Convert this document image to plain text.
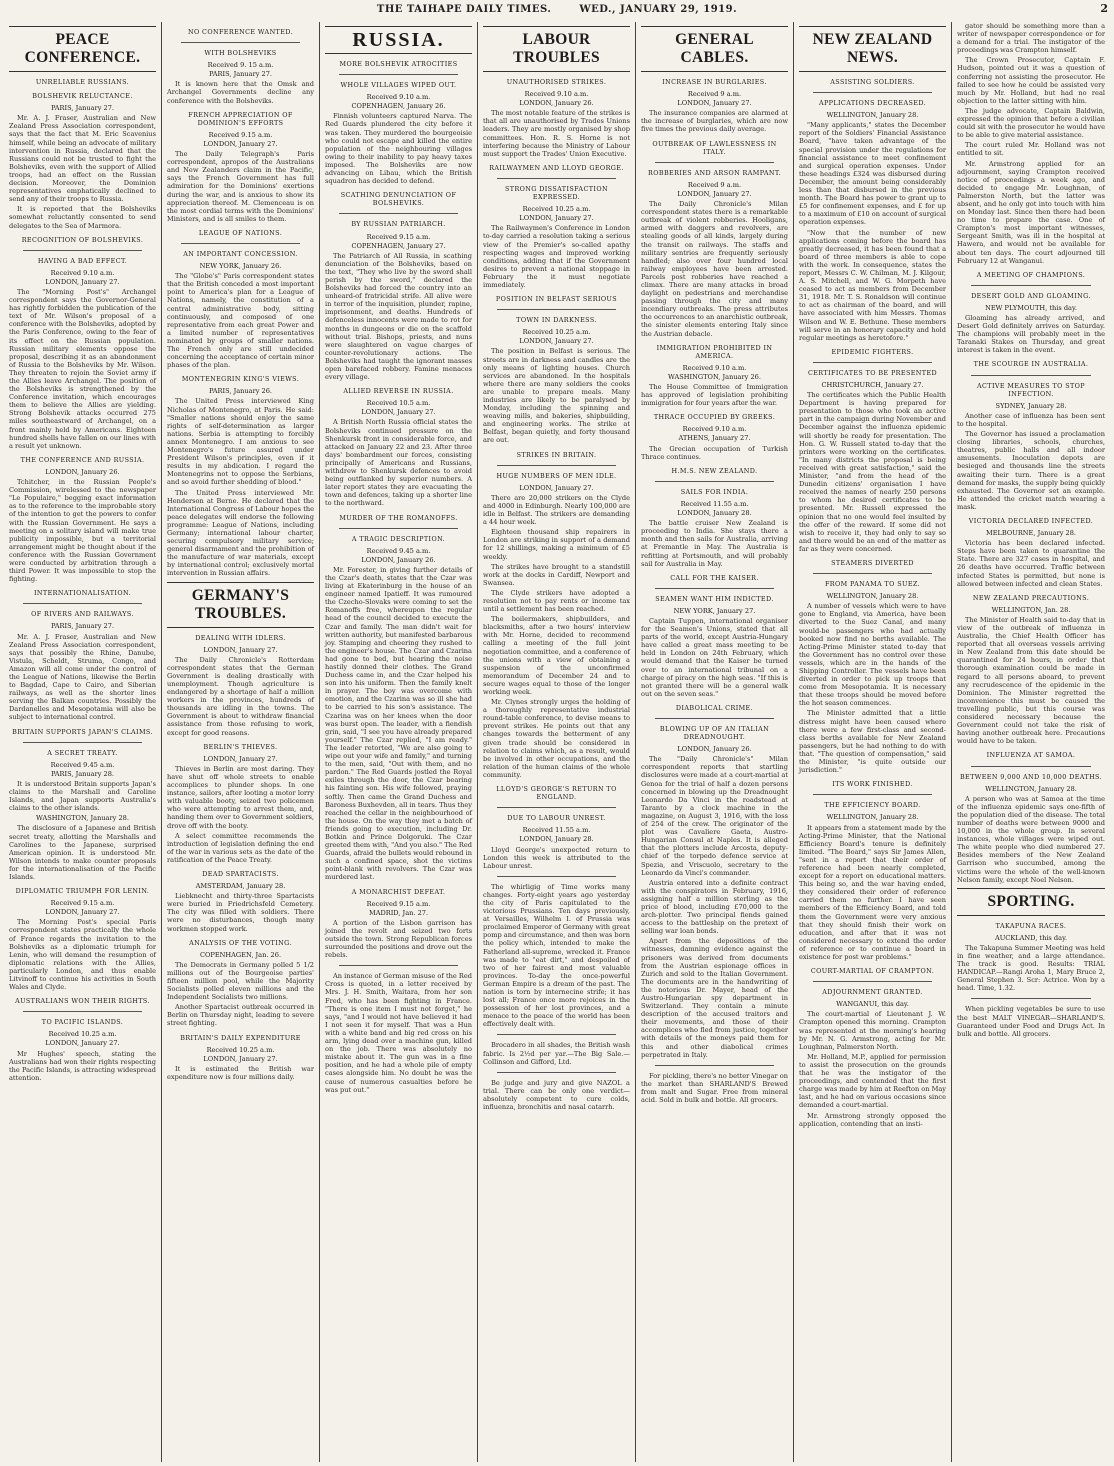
THE TAIHAPE DAILY TIMES.	WED., JANUARY 29, 1919.	2
PEACE CONFERENCE.
UNRELIABLE RUSSIANS.
BOLSHEVIK RELUCTANCE.
PARIS, January 27.
Mr. A. J. Fraser, Australian and New Zealand Press Association correspondent, says that the fact that M. Eric Scavenius himself, while being an advocate of military intervention in Russia, declared that the Russians could not be trusted to fight the Bolsheviks, even with the support of Allied troops, had an effect on the Russian decision. Moreover, the Dominion representatives emphatically declined to send any of their troops to Russia.
It is reported that the Bolsheviks somewhat reluctantly consented to send delegates to the Sea of Marmora.
RECOGNITION OF BOLSHEVIKS.
HAVING A BAD EFFECT.
Received 9.10 a.m.
LONDON, January 27.
The "Morning Post's" Archangel correspondent says the Governor-General has rightly forbidden the publication of the text of Mr. Wilson's proposal of a conference with the Bolsheviks, adopted by the Paris Conference, owing to the fear of its effect on the Russian population. Russian military elements oppose the proposal, describing it as an abandonment of Russia to the Bolsheviks by Mr. Wilson. They threaten to rejoin the Soviet army if the Allies leave Archangel. The position of the Bolsheviks is strengthened by the Conference invitation, which encourages them to believe the Allies are yielding. Strong Bolshevik attacks occurred 275 miles southeastward of Archangel, on a front mainly held by Americans. Eighteen hundred shells have fallen on our lines with a result yet unknown.
THE CONFERENCE AND RUSSIA.
LONDON, January 26.
Tchitcher, in the Russian People's Commission, wirelessed to the newspaper "Le Populaire," begging exact information as to the reference to the improbable story of the intention to get the powers to confer with the Russian Government. He says a meeting on a solitary island will make true publicity impossible, but a territorial arrangement might be thought about if the conference with the Russian Government were conducted by arbitration through a third Power. It was impossible to stop the fighting.
INTERNATIONALISATION.
OF RIVERS AND RAILWAYS.
PARIS, January 27.
Mr. A. J. Fraser, Australian and New Zealand Press Association correspondent, says that possibly the Rhine, Danube, Vistula, Scheldt, Struma, Congo, and Amazon will all come under the control of the League of Nations, likewise the Berlin to Bagdad, Cape to Cairo, and Siberian railways, as well as the shorter lines serving the Balkan countries. Possibly the Dardanelles and Mesopotamia will also be subject to international control.
BRITAIN SUPPORTS JAPAN'S CLAIMS.
A SECRET TREATY.
Received 9.45 a.m.
PARIS, January 28.
It is understood Britain supports Japan's claims to the Marshall and Caroline Islands, and Japan supports Australia's claims to the other islands.
WASHINGTON, January 28.
The disclosure of a Japanese and British secret treaty, allotting the Marshalls and Carolines to the Japanese, surprised American opinion. It is understood Mr. Wilson intends to make counter proposals for the internationalisation of the Pacific Islands.
DIPLOMATIC TRIUMPH FOR LENIN.
Received 9.15 a.m.
LONDON, January 27.
The Morning Post's special Paris correspondent states practically the whole of France regards the invitation to the Bolsheviks as a diplomatic triumph for Lenin, who will demand the resumption of diplomatic relations with the Allies, particularly London, and thus enable Litvinoff to continue his activities in South Wales and Clyde.
AUSTRALIANS WON THEIR RIGHTS.
TO PACIFIC ISLANDS.
Received 10.25 a.m.
LONDON, January 27.
Mr Hughes' speech, stating the Australians had won their rights respecting the Pacific Islands, is attracting widespread attention.
NO CONFERENCE WANTED.
WITH BOLSHEVIKS
Received 9. 15 a.m.
PARIS, January 27.
It is known here that the Omsk and Archangel Governments decline any conference with the Bolsheviks.
FRENCH APPRECIATION OF DOMINION'S EFFORTS
Received 9.15 a.m.
LONDON, January 27.
The Daily Telegraph's Paris correspondent, apropos of the Australians and New Zealanders claim in the Pacific, says the French Government has full admiration for the Dominions' exertions during the war, and is anxious to show its appreciation thereof. M. Clemenceau is on the most cordial terms with the Dominions' Ministers, and is all smiles to them.
LEAGUE OF NATIONS.
AN IMPORTANT CONCESSION.
NEW YORK, January 26.
The "Globe's" Paris correspondent states that the British conceded a most important point to America's plan for a League of Nations, namely, the constitution of a central administrative body, sitting continuously, and composed of one representative from each great Power and a limited number of representatives nominated by groups of smaller nations. The French only are still undecided concerning the acceptance of certain minor phases of the plan.
MONTENEGRIN KING'S VIEWS.
PARIS, January 26.
The United Press interviewed King Nicholas of Montenegro, at Paris. He said: "Smaller nations should enjoy the same rights of self-determination as larger nations. Serbia is attempting to forcibly annex Montenegro. I am anxious to see Montenegro's future assured under President Wilson's principles, even if it results in my abdication. I regard the Montenegrins not to oppose the Serbians, and so avoid further shedding of blood."
The United Press interviewed Mr. Henderson at Berne. He declared that the International Congress of Labour hopes the peace delegates will endorse the following programme: League of Nations, including Germany; international labour charter, securing compulsory military service; general disarmament and the prohibition of the manufacture of war materials, except by international control; exclusively mortal intervention in Russian affairs.
GERMANY'S TROUBLES.
DEALING WITH IDLERS.
LONDON, January 27.
The Daily Chronicle's Rotterdam correspondent states that the German Government is dealing drastically with unemployment. Though agriculture is endangered by a shortage of half a million workers in the provinces, hundreds of thousands are idling in the towns. The Government is about to withdraw financial assistance from those refusing to work, except for good reasons.
BERLIN'S THIEVES.
LONDON, January 27.
Thieves in Berlin are most daring. They have shut off whole streets to enable accomplices to plunder shops. In one instance, sailors, after looting a motor lorry with valuable booty, seized two policemen who were attempting to arrest them, and, handing them over to Government soldiers, drove off with the booty.
A select committee recommends the introduction of legislation defining the end of the war in various sets as the date of the ratification of the Peace Treaty.
DEAD SPARTACISTS.
AMSTERDAM, January 28.
Liebknecht and thirty-three Spartacists were buried in Friedrichsfeld Cemetery. The city was filled with soldiers. There were no disturbances, though many workmen stopped work.
ANALYSIS OF THE VOTING.
COPENHAGEN, Jan. 26.
The Democrats in Germany polled 5 1/2 millions out of the Bourgeoise parties' fifteen million pool, while the Majority Socialists polled eleven millions and the Independent Socialists two millions.
Another Spartacist outbreak occurred in Berlin on Thursday night, leading to severe street fighting.
BRITAIN'S DAILY EXPENDITURE
Received 10.25 a.m.
LONDON, January 27.
It is estimated the British war expenditure now is four millions daily.
RUSSIA.
MORE BOLSHEVIK ATROCITIES
WHOLE VILLAGES WIPED OUT.
Received 9.10 a.m.
COPENHAGEN, January 26.
Finnish volunteers captured Narva. The Red Guards plundered the city before it was taken. They murdered the bourgeoisie who could not escape and killed the entire population of the neighbouring villages owing to their inability to pay heavy taxes imposed. The Bolsheviks are now advancing on Libau, which the British squadron has decided to defend.
SCATHING DENUNCIATION OF BOLSHEVIKS.
BY RUSSIAN PATRIARCH.
Received 9.15 a.m.
COPENHAGEN, January 27.
The Patriarch of All Russia, in scathing denunciation of the Bolsheviks, based on the text, "They who live by the sword shall perish by the sword," declared the Bolsheviks had forced the country into an unheard-of fratricidal strife. All alive were in terror of the inquisition, plunder, rapine, imprisonment, and deaths. Hundreds of defenceless innocents were made to rot for months in dungeons or die on the scaffold without trial. Bishops, priests, and nuns were slaughtered on vague charges of counter-revolutionary actions. The Bolsheviks had taught the ignorant masses open barefaced robbery. Famine menaces every village.
ALLIED REVERSE IN RUSSIA.
Received 10.5 a.m.
LONDON, January 27.
A British North Russia official states the Bolsheviks continued pressure on the Shenkursk front in considerable force, and attacked on January 22 and 23. After three days' bombardment our forces, consisting principally of Americans and Russians, withdrew to Shenkursk defences to avoid being outflanked by superior numbers. A later report states they are evacuating the town and defences, taking up a shorter line to the northward.
MURDER OF THE ROMANOFFS.
A TRAGIC DESCRIPTION.
Received 9.45 a.m.
LONDON, January 26.
Mr. Forester, in giving further details of the Czar's death, states that the Czar was living at Ekaterinburg in the house of an engineer named Ipatieff. It was rumoured the Czecho-Slovaks were coming to set the Romanoffs free, whereupon the regular head of the council decided to execute the Czar and family. The man didn't wait for written authority, but manifested barbarous joy. Stamping and cheering they rushed to the engineer's house. The Czar and Czarina had gone to bed, but hearing the noise hastily donned their clothes. The Grand Duchess came in, and the Czar helped his son into his uniform. Then the family knelt in prayer. The boy was overcome with emotion, and the Czarina was so ill she had to be carried to his son's assistance. The Czarina was on her knees when the door was burst open. The leader, with a fiendish grin, said, "I see you have already prepared yourself." The Czar replied, "I am ready." The leader retorted, "We are also going to wipe out your wife and family," and turning to the men, said, "Out with them, and no pardon." The Red Guards jostled the Royal exiles through the door, the Czar bearing his fainting son. His wife followed, praying softly. Then came the Grand Duchess and Baroness Buxhevden, all in tears. Thus they reached the cellar in the neighbourhood of the house. On the way they met a batch of friends going to execution, including Dr. Botkin and Prince Dolgoruki. The Czar greeted them with, "And you also." The Red Guards, afraid the bullets would rebound in such a confined space, shot the victims point-blank with revolvers. The Czar was murdered last.
A MONARCHIST DEFEAT.
Received 9.15 a.m.
MADRID, Jan. 27.
A portion of the Lisbon garrison has joined the revolt and seized two forts outside the town. Strong Republican forces surrounded the positions and drove out the rebels.
An instance of German misuse of the Red Cross is quoted, in a letter received by Mrs. J. H. Smith, Waitara, from her son Fred, who has been fighting in France. "There is one item I must not forget," he says, "and I would not have believed it had I not seen it for myself. That was a Hun with a white band and big red cross on his arm, lying dead over a machine gun, killed on the job. There was absolutely no mistake about it. The gun was in a fine position, and he had a whole pile of empty cases alongside him. No doubt he was the cause of numerous casualties before he was put out."
LABOUR TROUBLES
UNAUTHORISED STRIKES.
Received 9.10 a.m.
LONDON, January 26.
The most notable feature of the strikes is that all are unauthorised by Trades Unions leaders. They are mostly organised by shop committees. Hon. R. S. Horne is not interfering because the Ministry of Labour must support the Trades' Union Executive.
RAILWAYMEN AND LLOYD GEORGE.
STRONG DISSATISFACTION EXPRESSED.
Received 10.25 a.m.
LONDON, January 27.
The Railwaymen's Conference in London to-day carried a resolution taking a serious view of the Premier's so-called apathy respecting wages and improved working conditions, adding that if the Government desires to prevent a national stoppage in February the it must negotiate immediately.
POSITION IN BELFAST SERIOUS
TOWN IN DARKNESS.
Received 10.25 a.m.
LONDON, January 27.
The position in Belfast is serious. The streets are in darkness and candles are the only means of lighting houses. Church services are abandoned. In the hospitals where there are many soldiers the cooks are unable to prepare meals. Many industries are likely to be paralysed by Monday, including the spinning and weaving mills, and bakeries, shipbuilding, and engineering works. The strike at Belfast, began quietly, and forty thousand are out.
STRIKES IN BRITAIN.
HUGE NUMBERS OF MEN IDLE.
LONDON, January 27.
There are 20,000 strikers on the Clyde and 4000 in Edinburgh. Nearly 100,000 are idle in Belfast. The strikers are demanding a 44 hour week.
Eighteen thousand ship repairers in London are striking in support of a demand for 12 shillings, making a minimum of £5 weekly.
The strikes have brought to a standstill work at the docks in Cardiff, Newport and Swansea.
The Clyde strikers have adopted a resolution not to pay rents or income tax until a settlement has been reached.
The boilermakers, shipbuilders, and blacksmiths, after a two hours' interview with Mr. Horne, decided to recommend calling a meeting of the full joint negotiation committee, and a conference of the unions with a view of obtaining a suspension of the unconfirmed memorandum of December 24 and to secure wages equal to those of the longer working week.
Mr. Clynes strongly urges the holding of a thoroughly representative industrial round-table conference, to devise means to prevent strikes. He points out that any changes towards the betterment of any given trade should be considered in relation to claims which, as a result, would be involved in other occupations, and the relation of the human claims of the whole community.
LLOYD'S GEORGE'S RETURN TO ENGLAND.
DUE TO LABOUR UNREST.
Received 11.55 a.m.
LONDON, January 28.
Lloyd George's unexpected return to London this week is attributed to the Labour unrest.
The whirligig of Time works many changes. Forty-eight years ago yesterday the city of Paris capitulated to the victorious Prussians. Ten days previously, at Versailles, Wilhelm I. of Prussia was proclaimed Emperor of Germany with great pomp and circumstance, and then was born the policy which, intended to make the Fatherland all-supreme, wrecked it. France was made to "eat dirt," and despoiled of two of her fairest and most valuable provinces. To-day the once-powerful German Empire is a dream of the past. The nation is torn by internecine strife; it has lost all; France once more rejoices in the possession of her lost provinces, and a menace to the peace of the world has been effectively dealt with.
Brocadero in all shades, the British wash fabric. Is 2½d per yar.—The Big Sale.—Collinson and Gifford, Ltd.
Be judge and jury and give NAZOL a trial. There can be only one verdict—absolutely competent to cure colds, influenza, bronchitis and nasal catarrh.
GENERAL CABLES.
INCREASE IN BURGLARIES.
Received 9 a.m.
LONDON, January 27.
The insurance companies are alarmed at the increase of burglaries, which are now five times the previous daily average.
OUTBREAK OF LAWLESSNESS IN ITALY.
ROBBERIES AND ARSON RAMPANT.
Received 9 a.m.
LONDON, January 27.
The Daily Chronicle's Milan correspondent states there is a remarkable outbreak of violent robberies. Hooligans, armed with daggers and revolvers, are stealing goods of all kinds, largely during the transit on railways. The staffs and military sentries are frequently seriously handled; also over four hundred local railway employees have been arrested. Parcels post robberies have reached a climax. There are many attacks in broad daylight on pedestrians and merchandise passing through the city and many incendiary outbreaks. The press attributes the occurrences to an anarchistic outbreak, the sinister elements entering Italy since the Austrian debacle.
IMMIGRATION PROHIBITED IN AMERICA.
Received 9.10 a.m.
WASHINGTON, January 26.
The House Committee of Immigration has approved of legislation prohibiting immigration for four years after the war.
THRACE OCCUPIED BY GREEKS.
Received 9.10 a.m.
ATHENS, January 27.
The Grecian occupation of Turkish Thrace continues.
H.M.S. NEW ZEALAND.
SAILS FOR INDIA.
Received 11.55 a.m.
LONDON, January 28.
The battle cruiser New Zealand is proceeding to India. She stays there a month and then sails for Australia, arriving at Fremantle in May. The Australia is refitting at Portsmouth, and will probably sail for Australia in May.
CALL FOR THE KAISER.
SEAMEN WANT HIM INDICTED.
NEW YORK, January 27.
Captain Tuppen, international organiser for the Seamen's Unions, stated that all parts of the world, except Austria-Hungary have called a great mass meeting to be held in London on 24th February, which would demand that the Kaiser be turned over to an international tribunal on a charge of piracy on the high seas. "If this is not granted there will be a general walk out on the seven seas."
DIABOLICAL CRIME.
BLOWING UP OF AN ITALIAN DREADNOUGHT.
LONDON, January 26.
The "Daily Chronicle's" Milan correspondent reports that startling disclosures were made at a court-martial at Genoa for the trial of half a dozen persons concerned in blowing up the Dreadnought Leonardo Da Vinci in the roadstead at Taranto by a clock machine in the magazine, on August 3, 1916, with the loss of 254 of the crew. The originator of the plot was Cavaliere Gaeta, Austro-Hungarian Consul at Naples. It is alleged that the plotters include Arcosta, deputy-chief of the torpedo defence service at Spezia, and Vriscuolo, secretary to the Leonardo da Vinci's commander.
Austria entered into a definite contract with the conspirators in February, 1916, assigning half a million sterling as the price of blood, including £70,000 to the arch-plotter. Two principal fiends gained access to the battleship on the pretext of selling war loan bonds.
Apart from the depositions of the witnesses, damning evidence against the prisoners was derived from documents from the Austrian espionage offices in Zurich and sold to the Italian Government. The documents are in the handwriting of the notorious Dr. Mayer, head of the Austro-Hungarian spy department in Switzerland. They contain a minute description of the accused traitors and their movements, and those of their accomplices who fled from justice, together with details of the moneys paid them for this and other diabolical crimes perpetrated in Italy.
For pickling, there's no better Vinegar on the market than SHARLAND'S Brewed from malt and Sugar. Free from mineral acid. Sold in bulk and bottle. All grocers.
NEW ZEALAND NEWS.
ASSISTING SOLDIERS.
APPLICATIONS DECREASED.
WELLINGTON, January 28.
"Many applicants," states the December report of the Soldiers' Financial Assistance Board, "have taken advantage of the special provision under the regulations for financial assistance to meet confinement and surgical operation expenses. Under these headings £324 was disbursed during December, the amount being considerably less than that disbursed in the previous month. The Board has power to grant up to £5 for confinement expenses, and £ for up to a maximum of £10 on account of surgical operation expenses.
"Now that the number of new applications coming before the board has greatly decreased, it has been found that a board of three members is able to cope with the work. In consequence, states the report, Messrs C. W. Chilman, M. J. Kilgour, A. S. Mitchell, and W. G. Morpeth have ceased to act as members from December 31, 1918. Mr. T. S. Ronaldson will continue to act as chairman of the board, and will have associated with him Messrs. Thomas Wilson and W. E. Bethune. These members will serve in an honorary capacity and hold regular meetings as heretofore."
EPIDEMIC FIGHTERS.
CERTIFICATES TO BE PRESENTED
CHRISTCHURCH, January 27.
The certificates which the Public Health Department is having prepared for presentation to those who took an active part in the campaign during November and December against the influenza epidemic will shortly be ready for presentation. The Hon. G. W. Russell stated to-day that the printers were working on the certificates. "In many districts the proposal is being received with great satisfaction," said the Minister, "and from the head of the Dunedin citizens' organisation I have received the names of nearly 250 persons to whom he desired certificates to be presented. Mr. Russell expressed the opinion that no one would feel insulted by the offer of the reward. If some did not wish to receive it, they had only to say so and there would be an end of the matter as far as they were concerned.
STEAMERS DIVERTED
FROM PANAMA TO SUEZ.
WELLINGTON, January 28.
A number of vessels which were to have gone to England, via America, have been diverted to the Suez Canal, and many would-be passengers who had actually booked now find no berths available. The Acting-Prime Minister stated to-day that the Government has no control over these vessels, which are in the hands of the Shipping Controller. The vessels have been diverted in order to pick up troops that come from Mesopotamia. It is necessary that these troops should be moved before the hot season commences.
The Minister admitted that a little distress might have been caused where there were a few first-class and second-class berths available for New Zealand passengers, but he had nothing to do with that. "The question of compensation," said the Minister, "is quite outside our jurisdiction."
ITS WORK FINISHED.
THE EFFICIENCY BOARD.
WELLINGTON, January 28.
It appears from a statement made by the Acting-Prime Minister, that the National Efficiency Board's tenure is definitely limited. "The Board," says Sir James Allen, "sent in a report that their order of reference had been nearly completed, except for a report on educational matters. This being so, and the war having ended, they considered their order of reference carried them no further. I have seen members of the Efficiency Board, and told them the Government were very anxious that they should finish their work on education, and after that it was not considered necessary to extend the order of reference or to continue a board in existence for post war problems."
COURT-MARTIAL OF CRAMPTON.
ADJOURNMENT GRANTED.
WANGANUI, this day.
The court-martial of Lieutenant J. W. Crampton opened this morning. Crampton was represented at the morning's hearing by Mr. N. G. Armstrong, acting for Mr. Loughnan, Palmerston North.
Mr. Holland, M.P., applied for permission to assist the prosecution on the grounds that he was the instigator of the proceedings, and contended that the first charge was made by him at Reefton on May last, and he had on various occasions since demanded a court-martial.
Mr. Armstrong strongly opposed the application, contending that an insti-
gator should be something more than a writer of newspaper correspondence or for a demand for a trial. The instigator of the proceedings was Crampton himself.
The Crown Prosecutor, Captain F. Hudson, pointed out it was a question of conferring not assisting the prosecutor. He failed to see how he could be assisted very much by Mr. Holland, but had no real objection to the latter sitting with him.
The judge advocate, Captain Baldwin, expressed the opinion that before a civilian could sit with the prosecutor he would have to be able to give material assistance.
The court ruled Mr. Holland was not entitled to sit.
Mr. Armstrong applied for an adjournment, saying Crampton received notice of proceedings a week ago, and decided to engage Mr. Loughnan, of Palmerston North, but the latter was absent, and he only got into touch with him on Monday last. Since then there had been no time to prepare the case. One of Crampton's most important witnesses, Sergeant Smith, was ill in the hospital at Hawera, and would not be available for about ten days. The court adjourned till February 12 at Wanganui.
A MEETING OF CHAMPIONS.
DESERT GOLD AND GLOAMING.
NEW PLYMOUTH, this day.
Gloaming has already arrived, and Desert Gold definitely arrives on Saturday. The champions will probably meet in the Taranaki Stakes on Thursday, and great interest is taken in the event.
THE SCOURGE IN AUSTRALIA.
ACTIVE MEASURES TO STOP INFECTION.
SYDNEY, January 28.
Another case of influenza has been sent to the hospital.
The Governor has issued a proclamation closing libraries, schools, churches, theatres, public halls and all indoor amusements. Inoculation depots are besieged and thousands line the streets awaiting their turn. There is a great demand for masks, the supply being quickly exhausted. The Governor set an example. He attended the cricket match wearing a mask.
VICTORIA DECLARED INFECTED.
MELBOURNE, January 28.
Victoria has been declared infected. Steps have been taken to quarantine the State. There are 327 cases in hospital, and 26 deaths have occurred. Traffic between infected States is permitted, but none is allowed between infected and clean States.
NEW ZEALAND PRECAUTIONS.
WELLINGTON, Jan. 28.
The Minister of Health said to-day that in view of the outbreak of influenza in Australia, the Chief Health Officer has reported that all overseas vessels arriving in New Zealand from this date should be quarantined for 24 hours, in order that thorough examination could be made in regard to all persons aboard, to prevent any recrudescence of the epidemic in the Dominion. The Minister regretted the inconvenience this must be caused the travelling public, but this course was considered necessary because the Government could not take the risk of having another outbreak here. Precautions would have to be taken.
INFLUENZA AT SAMOA.
BETWEEN 9,000 AND 10,000 DEATHS.
WELLINGTON, January 28.
A person who was at Samoa at the time of the influenza epidemic says one-fifth of the population died of the disease. The total number of deaths were between 9000 and 10,000 in the whole group. In several instances, whole villages were wiped out. The white people who died numbered 27. Besides members of the New Zealand Garrison who succumbed, among the victims were the whole of the well-known Nelson family, except Noel Nelson.
SPORTING.
TAKAPUNA RACES.
AUCKLAND, this day.
The Takapuna Summer Meeting was held in fine weather, and a large attendance. The track is good. Results: TRIAL HANDICAP.—Rangi Aroha 1, Mary Bruce 2, General Stephen 3. Scr: Actrice. Won by a head. Time, 1.32.
When pickling vegetables be sure to use the best MALT VINEGAR—SHARLAND'S. Guaranteed under Food and Drugs Act. In bulk and bottle. All grocers.
